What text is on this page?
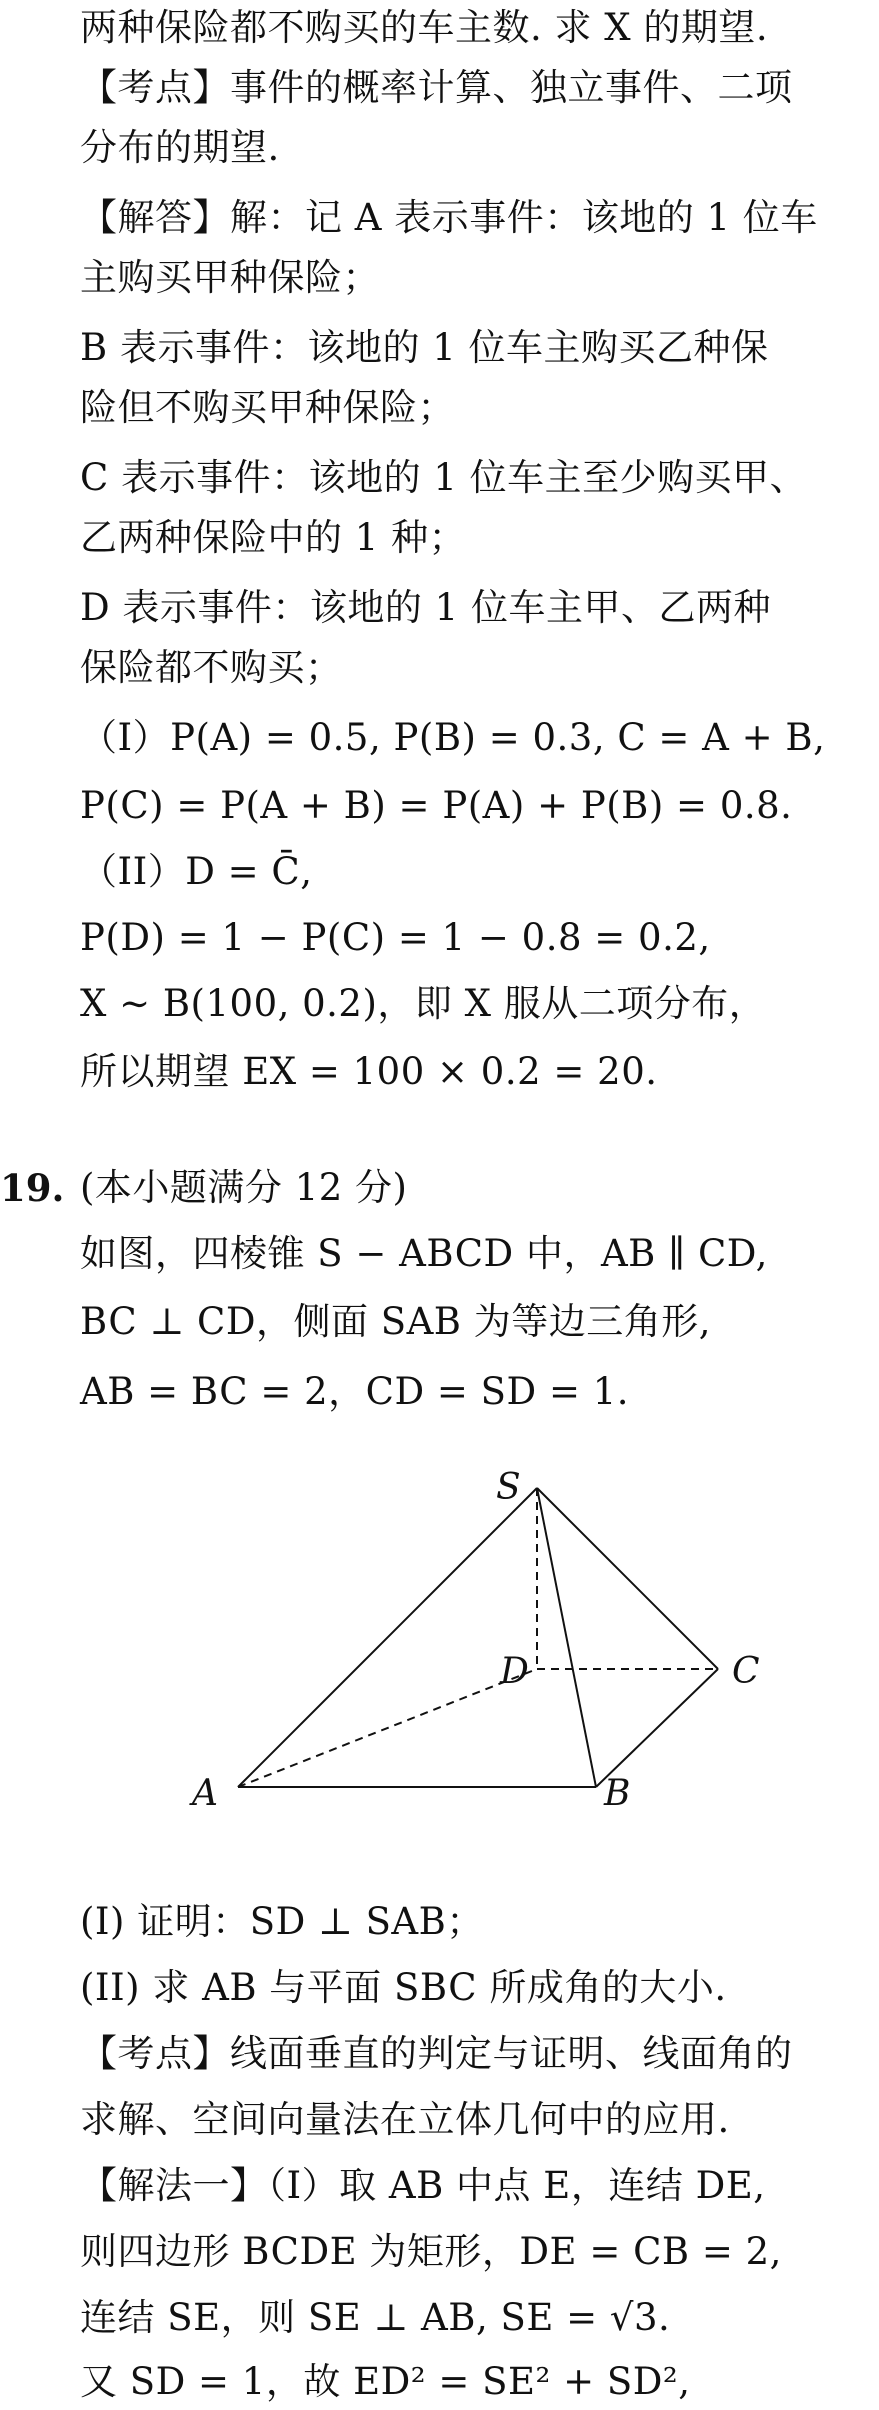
两种保险都不购买的车主数. 求 X 的期望.
【考点】事件的概率计算、独立事件、二项
分布的期望.
【解答】解：记 A 表示事件：该地的 1 位车
主购买甲种保险；
B 表示事件：该地的 1 位车主购买乙种保
险但不购买甲种保险；
C 表示事件：该地的 1 位车主至少购买甲、
乙两种保险中的 1 种；
D 表示事件：该地的 1 位车主甲、乙两种
保险都不购买；
（I）P(A) = 0.5, P(B) = 0.3, C = A + B,
P(C) = P(A + B) = P(A) + P(B) = 0.8.
（II）D = C̄,
P(D) = 1 − P(C) = 1 − 0.8 = 0.2,
X ∼ B(100, 0.2)，即 X 服从二项分布，
所以期望 EX = 100 × 0.2 = 20.
19. (本小题满分 12 分)
如图，四棱锥 S − ABCD 中，AB ∥ CD,
BC ⊥ CD，侧面 SAB 为等边三角形,
AB = BC = 2，CD = SD = 1.
S
D	C
A	B
(I) 证明：SD ⊥ SAB；
(II) 求 AB 与平面 SBC 所成角的大小.
【考点】线面垂直的判定与证明、线面角的
求解、空间向量法在立体几何中的应用.
【解法一】（I）取 AB 中点 E，连结 DE,
则四边形 BCDE 为矩形，DE = CB = 2,
连结 SE，则 SE ⊥ AB, SE = √3.
又 SD = 1，故 ED² = SE² + SD²,
